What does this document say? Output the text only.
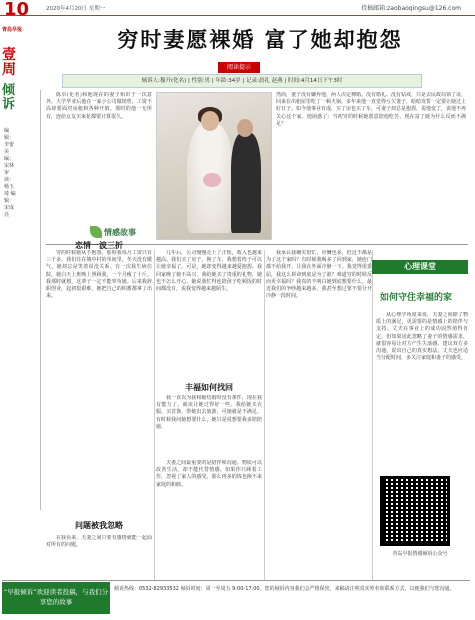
10	2020年4月20日 星期一	投稿邮箱:zaobaoqingsu@126.com
青岛早报
壹周
倾诉
编辑：李蕾 美编：宋林 审读：杨玉琦 编辑：宋成亮
穷时妻愿裸婚 富了她却抱怨
阅读提示
倾诉人:穆升(化名) | 性别:男 | 年龄:34岁 | 记录:晨礼 赵燕 | 时间:4月14日下午3时

陈卓(化名)和他现在的妻子相识于一次意外。大学毕业后他在一家小公司做销售，工资不高却要面对房租和各种开销。那时的他一无所有，连给女友买束花都要计算很久。

然而，妻子没有嫌弃他，两人决定裸婚。没有婚礼、没有钻戒，只是去民政局领了证，回来在出租屋里吃了一顿火锅。多年来他一直觉得亏欠妻子，暗暗发誓一定要让她过上好日子。如今他事业有成，买了房也买了车，可妻子却总是抱怨，说他变了，说他不再关心这个家。他困惑了：当初穷的时候她愿意陪他吃苦，现在富了她为什么反而不满足？

情感故事
恋情一波三折

穷的时候她从不抱怨，那时我每月工资只有三千多，我们住在城中村的单间里，冬天没有暖气，她却总是笑着说没关系。有一次我生病住院，她白天上班晚上照顾我，一个月瘦了十斤。我那时就想，这辈子一定不能辜负她。后来我辞职创业，起初很艰难，她把自己的积蓄都拿了出来。

问题被我忽略

在我看来，夫妻之间只要有感情就能一起面对所有的问题。

几年后，公司慢慢走上了正轨，收入也越来越高。我们买了房子，换了车，我想着终于可以让她享福了。可是，她却变得越来越爱抱怨。我回家晚了她不高兴，我给她买了贵重的礼物，她也不怎么开心。她说我忙得连陪孩子吃顿饭的时间都没有，说我变得越来越陌生。

丰福如何找回

我一直以为我和她结婚时没有条件，现在我有能力了，就该让她过得好一些。我给她买衣服、买首饰，带她出去旅游，可她就是不满足。有时候我问她想要什么，她只是说想要我多陪陪她。

夫妻之间最重要的是陪伴和沟通。物质可以改善生活，却不能代替情感。如果你只顾着工作，忽视了家人的感受，那么再多的钱也换不来家庭的和睦。

我承认我确实很忙，应酬也多，但这不都是为了这个家吗？有时候我喝多了回到家，她连门都不给我开，让我在外面冷静一下。我觉得很委屈，我这么拼命到底是为了谁？难道穷的时候反而更幸福吗？我真的不明白她到底想要什么。最近我们的争吵越来越多，我甚至想过要不要分开冷静一段时间。

心理课堂
如何守住幸福的家

从心理学角度来说，夫妻之间除了物质上的满足，更需要的是情感上的陪伴与支持。丈夫在事业上的成功固然值得肯定，但如果因此忽略了妻子的情感需求，就很容易让对方产生失落感。建议双方多沟通，说出自己的真实想法，丈夫也应适当分配时间，多关注家庭和妻子的感受。

青岛早报情感倾诉公众号
“早报倾诉”欢迎读者投稿，与我们分享您的故事
倾诉热线：0532-82933532 倾诉时间：周一至周五 9:00-17:00。您的倾诉内容我们会严格保密，来稿请注明真实姓名和联系方式，以便我们与您沟通。
